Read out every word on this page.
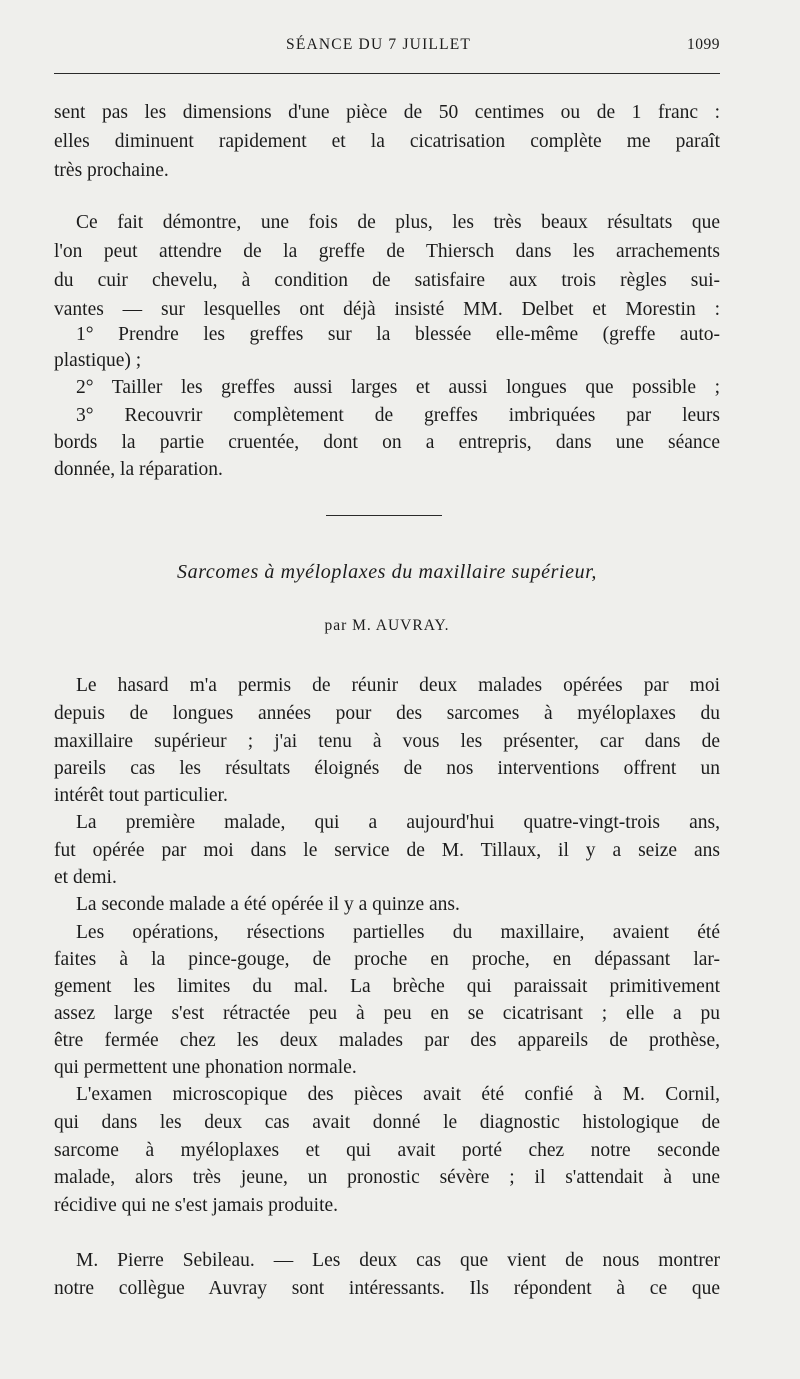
SÉANCE DU 7 JUILLET	1099
sent pas les dimensions d'une pièce de 50 centimes ou de 1 franc :
elles diminuent rapidement et la cicatrisation complète me paraît
très prochaine.
Ce fait démontre, une fois de plus, les très beaux résultats que
l'on peut attendre de la greffe de Thiersch dans les arrachements
du cuir chevelu, à condition de satisfaire aux trois règles sui-
vantes — sur lesquelles ont déjà insisté MM. Delbet et Morestin :
1° Prendre les greffes sur la blessée elle-même (greffe auto-
plastique) ;
2° Tailler les greffes aussi larges et aussi longues que possible ;
3° Recouvrir complètement de greffes imbriquées par leurs
bords la partie cruentée, dont on a entrepris, dans une séance
donnée, la réparation.
Sarcomes à myéloplaxes du maxillaire supérieur,
par M. AUVRAY.
Le hasard m'a permis de réunir deux malades opérées par moi
depuis de longues années pour des sarcomes à myéloplaxes du
maxillaire supérieur ; j'ai tenu à vous les présenter, car dans de
pareils cas les résultats éloignés de nos interventions offrent un
intérêt tout particulier.
La première malade, qui a aujourd'hui quatre-vingt-trois ans,
fut opérée par moi dans le service de M. Tillaux, il y a seize ans
et demi.
La seconde malade a été opérée il y a quinze ans.
Les opérations, résections partielles du maxillaire, avaient été
faites à la pince-gouge, de proche en proche, en dépassant lar-
gement les limites du mal. La brèche qui paraissait primitivement
assez large s'est rétractée peu à peu en se cicatrisant ; elle a pu
être fermée chez les deux malades par des appareils de prothèse,
qui permettent une phonation normale.
L'examen microscopique des pièces avait été confié à M. Cornil,
qui dans les deux cas avait donné le diagnostic histologique de
sarcome à myéloplaxes et qui avait porté chez notre seconde
malade, alors très jeune, un pronostic sévère ; il s'attendait à une
récidive qui ne s'est jamais produite.
M. Pierre Sebileau. — Les deux cas que vient de nous montrer
notre collègue Auvray sont intéressants. Ils répondent à ce que
